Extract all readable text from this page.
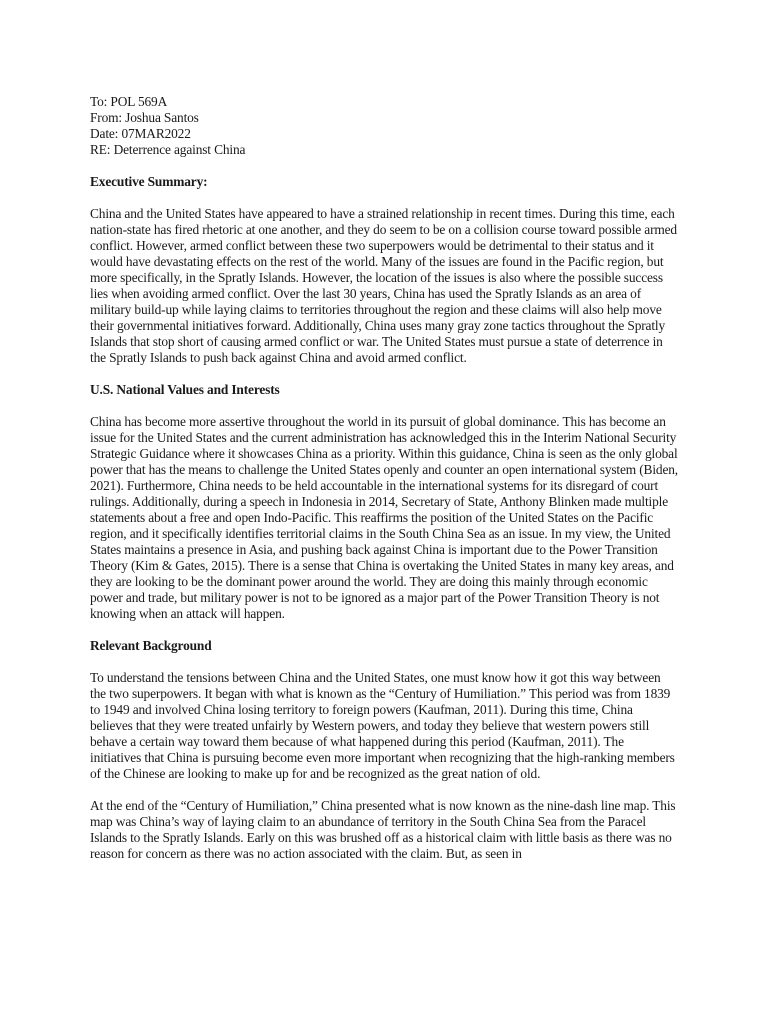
To: POL 569A
From: Joshua Santos
Date: 07MAR2022
RE: Deterrence against China
Executive Summary:

China and the United States have appeared to have a strained relationship in recent times. During this time, each nation-state has fired rhetoric at one another, and they do seem to be on a collision course toward possible armed conflict. However, armed conflict between these two superpowers would be detrimental to their status and it would have devastating effects on the rest of the world. Many of the issues are found in the Pacific region, but more specifically, in the Spratly Islands. However, the location of the issues is also where the possible success lies when avoiding armed conflict. Over the last 30 years, China has used the Spratly Islands as an area of military build-up while laying claims to territories throughout the region and these claims will also help move their governmental initiatives forward. Additionally, China uses many gray zone tactics throughout the Spratly Islands that stop short of causing armed conflict or war. The United States must pursue a state of deterrence in the Spratly Islands to push back against China and avoid armed conflict.

U.S. National Values and Interests

China has become more assertive throughout the world in its pursuit of global dominance. This has become an issue for the United States and the current administration has acknowledged this in the Interim National Security Strategic Guidance where it showcases China as a priority. Within this guidance, China is seen as the only global power that has the means to challenge the United States openly and counter an open international system (Biden, 2021). Furthermore, China needs to be held accountable in the international systems for its disregard of court rulings. Additionally, during a speech in Indonesia in 2014, Secretary of State, Anthony Blinken made multiple statements about a free and open Indo-Pacific. This reaffirms the position of the United States on the Pacific region, and it specifically identifies territorial claims in the South China Sea as an issue. In my view, the United States maintains a presence in Asia, and pushing back against China is important due to the Power Transition Theory (Kim & Gates, 2015). There is a sense that China is overtaking the United States in many key areas, and they are looking to be the dominant power around the world. They are doing this mainly through economic power and trade, but military power is not to be ignored as a major part of the Power Transition Theory is not knowing when an attack will happen.

Relevant Background

To understand the tensions between China and the United States, one must know how it got this way between the two superpowers. It began with what is known as the “Century of Humiliation.” This period was from 1839 to 1949 and involved China losing territory to foreign powers (Kaufman, 2011). During this time, China believes that they were treated unfairly by Western powers, and today they believe that western powers still behave a certain way toward them because of what happened during this period (Kaufman, 2011). The initiatives that China is pursuing become even more important when recognizing that the high-ranking members of the Chinese are looking to make up for and be recognized as the great nation of old.

At the end of the “Century of Humiliation,” China presented what is now known as the nine-dash line map. This map was China’s way of laying claim to an abundance of territory in the South China Sea from the Paracel Islands to the Spratly Islands. Early on this was brushed off as a historical claim with little basis as there was no reason for concern as there was no action associated with the claim. But, as seen in
